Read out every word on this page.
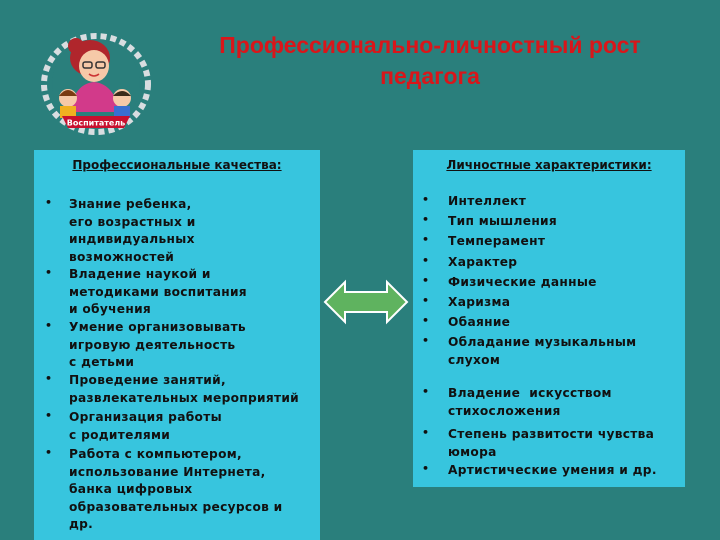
Воспитатель
Профессионально-личностный рост
педагога
Профессиональные качества:
• Знание ребенка,
его возрастных и
индивидуальных
возможностей
• Владение наукой и
методиками воспитания
и обучения
• Умение организовывать
игровую деятельность
с детьми
• Проведение занятий,
развлекательных мероприятий
• Организация работы
с родителями
• Работа с компьютером,
использование Интернета,
банка цифровых
образовательных ресурсов и
др.
Личностные характеристики:
• Интеллект
• Тип мышления
• Темперамент
• Характер
• Физические данные
• Харизма
• Обаяние
• Обладание музыкальным
слухом
• Владение  искусством
стихосложения
• Степень развитости чувства
юмора
• Артистические умения и др.
